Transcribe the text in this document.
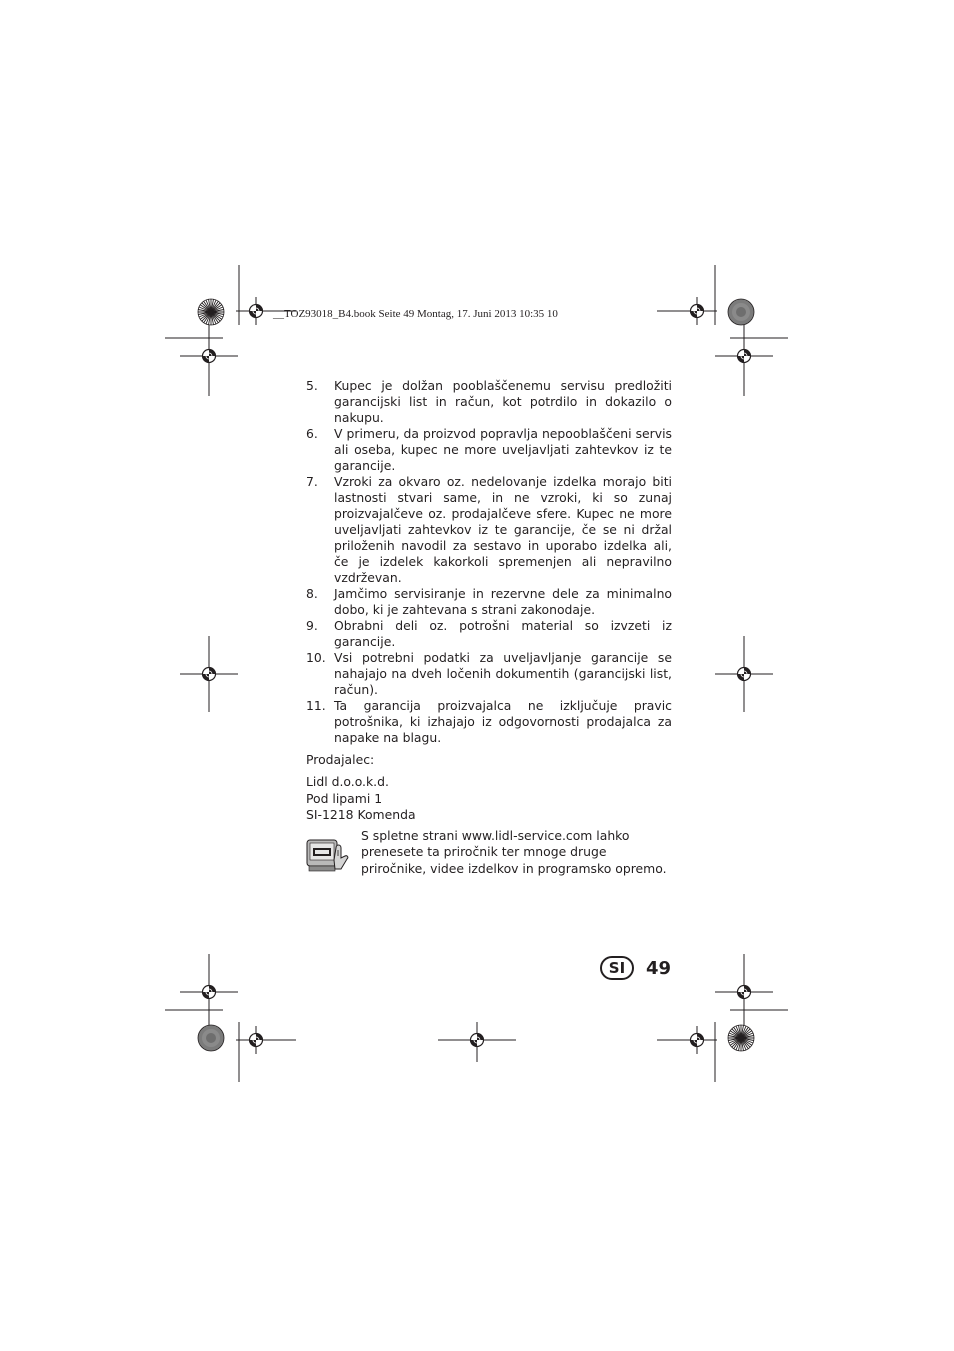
__TOZ93018_B4.book Seite 49 Montag, 17. Juni 2013 10:35 10
5.	Kupec je dolžan pooblaščenemu servisu predložiti garancijski list in račun, kot potrdilo in dokazilo o nakupu.
6.	V primeru, da proizvod popravlja nepooblaščeni servis ali oseba, kupec ne more uveljavljati zahtevkov iz te garancije.
7.	Vzroki za okvaro oz. nedelovanje izdelka morajo biti lastnosti stvari same, in ne vzroki, ki so zunaj proizvajalčeve oz. prodajalčeve sfere. Kupec ne more uveljavljati zahtevkov iz te garancije, če se ni držal priloženih navodil za sestavo in uporabo izdelka ali, če je izdelek kakorkoli spremenjen ali nepravilno vzdrževan.
8.	Jamčimo servisiranje in rezervne dele za minimalno dobo, ki je zahtevana s strani zakonodaje.
9.	Obrabni deli oz. potrošni material so izvzeti iz garancije.
10. Vsi potrebni podatki za uveljavljanje garancije se nahajajo na dveh ločenih dokumentih (garancijski list, račun).
11. Ta garancija proizvajalca ne izključuje pravic potrošnika, ki izhajajo iz odgovornosti prodajalca za napake na blagu.
Prodajalec:
Lidl d.o.o.k.d.
Pod lipami 1
SI-1218 Komenda
S spletne strani www.lidl-service.com lahko prenesete ta priročnik ter mnoge druge priročnike, videe izdelkov in programsko opremo.
SI	49
